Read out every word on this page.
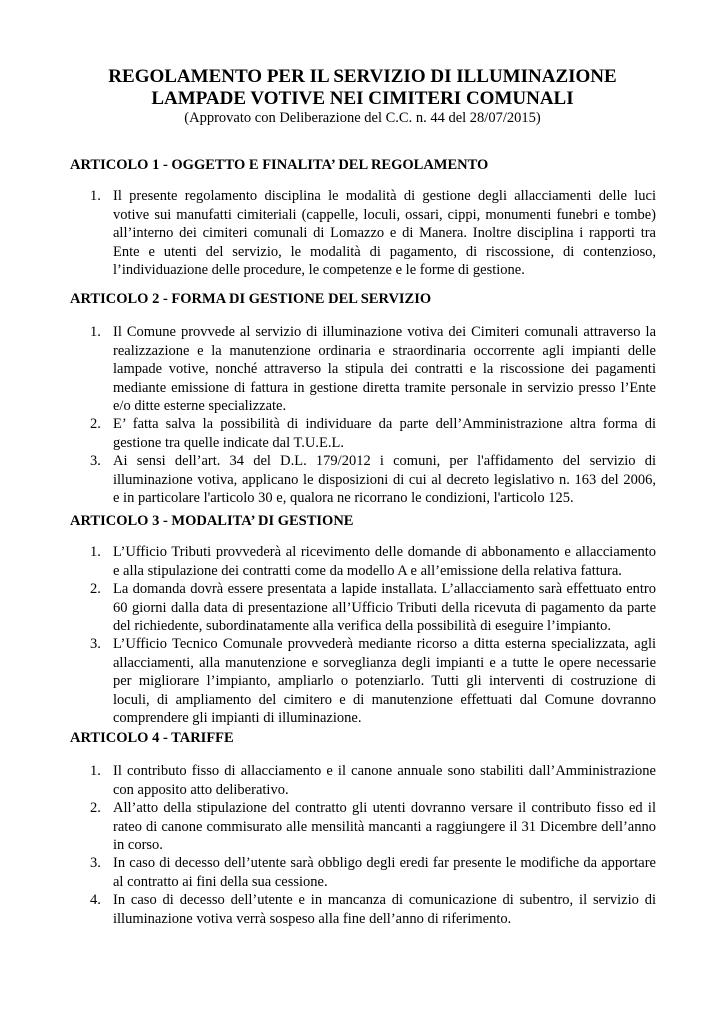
REGOLAMENTO PER IL SERVIZIO DI ILLUMINAZIONE
LAMPADE VOTIVE NEI CIMITERI COMUNALI
(Approvato con Deliberazione del C.C. n. 44 del 28/07/2015)
ARTICOLO 1 - OGGETTO E FINALITA’ DEL REGOLAMENTO
1. Il presente regolamento disciplina le modalità di gestione degli allacciamenti delle luci
votive sui manufatti cimiteriali (cappelle, loculi, ossari, cippi, monumenti funebri e tombe)
all’interno dei cimiteri comunali di Lomazzo e di Manera. Inoltre disciplina i rapporti tra
Ente e utenti del servizio, le modalità di pagamento, di riscossione, di contenzioso,
l’individuazione delle procedure, le competenze e le forme di gestione.
ARTICOLO 2 - FORMA DI GESTIONE DEL SERVIZIO
1. Il Comune provvede al servizio di illuminazione votiva dei Cimiteri comunali attraverso la
realizzazione e la manutenzione ordinaria e straordinaria occorrente agli impianti delle
lampade votive, nonché attraverso la stipula dei contratti e la riscossione dei pagamenti
mediante emissione di fattura in gestione diretta tramite personale in servizio presso l’Ente
e/o ditte esterne specializzate.
2. E’ fatta salva la possibilità di individuare da parte dell’Amministrazione altra forma di
gestione tra quelle indicate dal T.U.E.L.
3. Ai sensi dell’art. 34 del D.L. 179/2012 i comuni, per l'affidamento del servizio di
illuminazione votiva, applicano le disposizioni di cui al decreto legislativo n. 163 del 2006,
e in particolare l'articolo 30 e, qualora ne ricorrano le condizioni, l'articolo 125.
ARTICOLO 3 - MODALITA’ DI GESTIONE
1. L’Ufficio Tributi provvederà al ricevimento delle domande di abbonamento e allacciamento
e alla stipulazione dei contratti come da modello A e all’emissione della relativa fattura.
2. La domanda dovrà essere presentata a lapide installata. L’allacciamento sarà effettuato entro
60 giorni dalla data di presentazione all’Ufficio Tributi della ricevuta di pagamento da parte
del richiedente, subordinatamente alla verifica della possibilità di eseguire l’impianto.
3. L’Ufficio Tecnico Comunale provvederà mediante ricorso a ditta esterna specializzata, agli
allacciamenti, alla manutenzione e sorveglianza degli impianti e a tutte le opere necessarie
per migliorare l’impianto, ampliarlo o potenziarlo. Tutti gli interventi di costruzione di
loculi, di ampliamento del cimitero e di manutenzione effettuati dal Comune dovranno
comprendere gli impianti di illuminazione.
ARTICOLO 4 - TARIFFE
1. Il contributo fisso di allacciamento e il canone annuale sono stabiliti dall’Amministrazione
con apposito atto deliberativo.
2. All’atto della stipulazione del contratto gli utenti dovranno versare il contributo fisso ed il
rateo di canone commisurato alle mensilità mancanti a raggiungere il 31 Dicembre dell’anno
in corso.
3. In caso di decesso dell’utente sarà obbligo degli eredi far presente le modifiche da apportare
al contratto ai fini della sua cessione.
4. In caso di decesso dell’utente e in mancanza di comunicazione di subentro, il servizio di
illuminazione votiva verrà sospeso alla fine dell’anno di riferimento.
